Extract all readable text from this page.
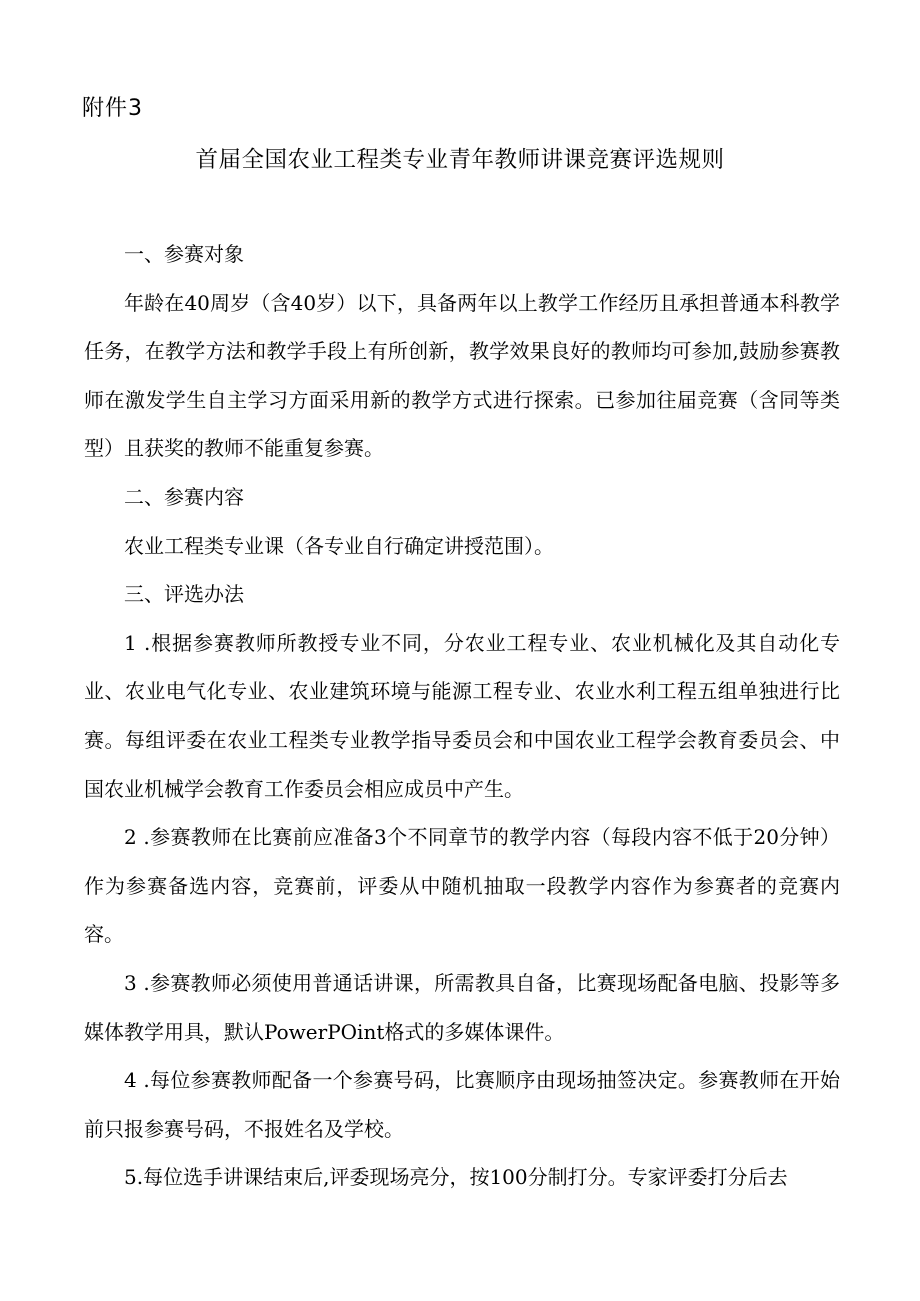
附件3
首届全国农业工程类专业青年教师讲课竞赛评选规则

一、参赛对象

年龄在40周岁（含40岁）以下，具备两年以上教学工作经历且承担普通本科教学任务，在教学方法和教学手段上有所创新，教学效果良好的教师均可参加,鼓励参赛教师在激发学生自主学习方面采用新的教学方式进行探索。已参加往届竞赛（含同等类型）且获奖的教师不能重复参赛。

二、参赛内容

农业工程类专业课（各专业自行确定讲授范围）。

三、评选办法

1 .根据参赛教师所教授专业不同，分农业工程专业、农业机械化及其自动化专业、农业电气化专业、农业建筑环境与能源工程专业、农业水利工程五组单独进行比赛。每组评委在农业工程类专业教学指导委员会和中国农业工程学会教育委员会、中国农业机械学会教育工作委员会相应成员中产生。

2 .参赛教师在比赛前应准备3个不同章节的教学内容（每段内容不低于20分钟）作为参赛备选内容，竞赛前，评委从中随机抽取一段教学内容作为参赛者的竞赛内容。

3 .参赛教师必须使用普通话讲课，所需教具自备，比赛现场配备电脑、投影等多媒体教学用具，默认PowerPOint格式的多媒体课件。

4 .每位参赛教师配备一个参赛号码，比赛顺序由现场抽签决定。参赛教师在开始前只报参赛号码，不报姓名及学校。

5.每位选手讲课结束后,评委现场亮分，按100分制打分。专家评委打分后去
